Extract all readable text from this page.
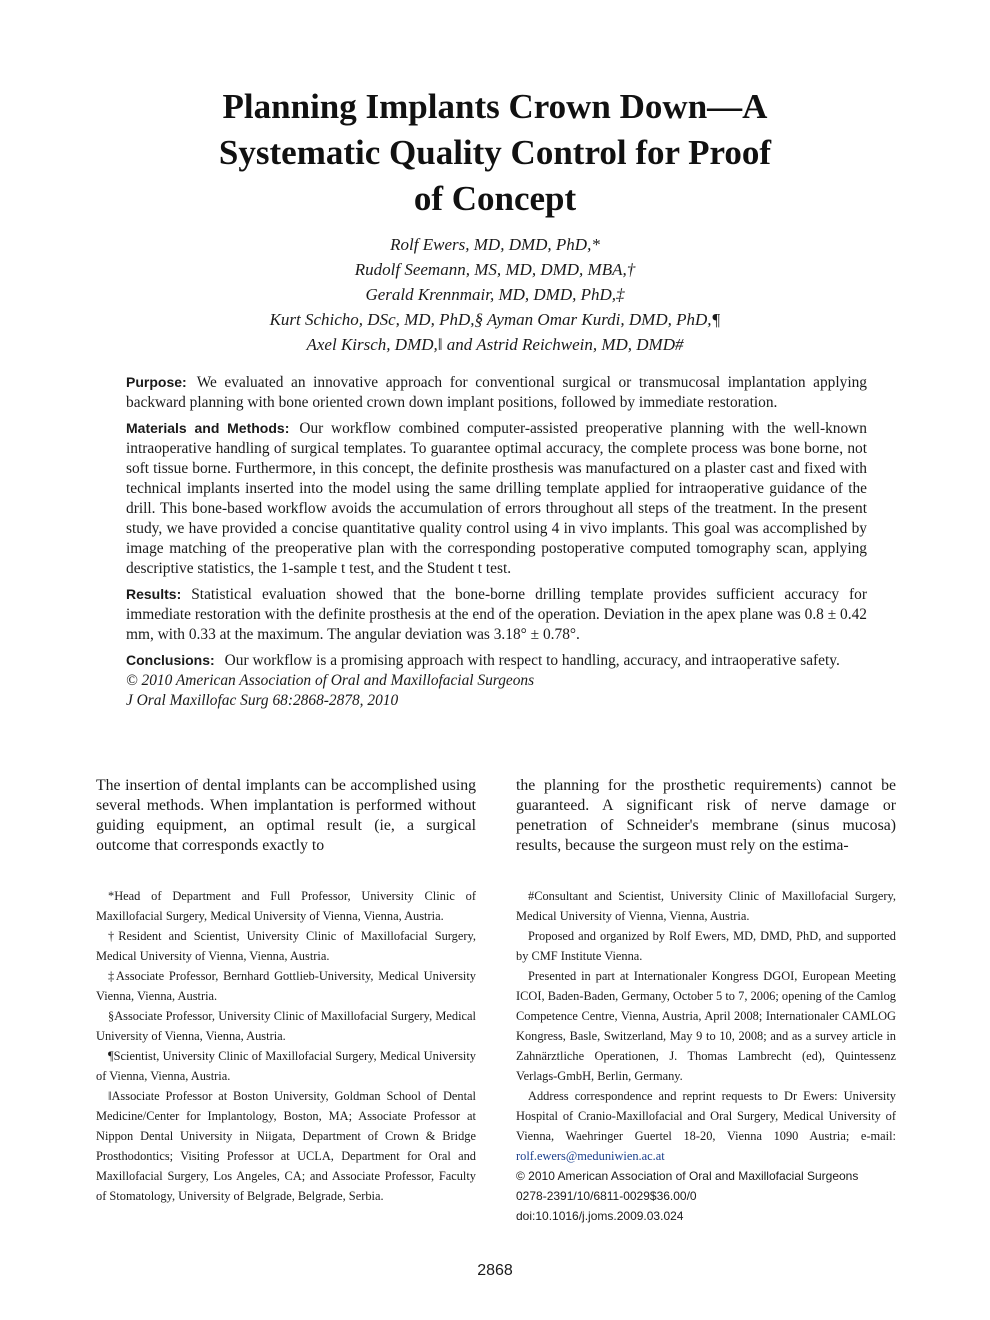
Planning Implants Crown Down—A
Systematic Quality Control for Proof
of Concept
Rolf Ewers, MD, DMD, PhD,*
Rudolf Seemann, MS, MD, DMD, MBA,†
Gerald Krennmair, MD, DMD, PhD,‡
Kurt Schicho, DSc, MD, PhD,§ Ayman Omar Kurdi, DMD, PhD,¶
Axel Kirsch, DMD,‖ and Astrid Reichwein, MD, DMD#

Purpose: We evaluated an innovative approach for conventional surgical or transmucosal implantation applying backward planning with bone oriented crown down implant positions, followed by immediate restoration.

Materials and Methods: Our workflow combined computer-assisted preoperative planning with the well-known intraoperative handling of surgical templates. To guarantee optimal accuracy, the complete process was bone borne, not soft tissue borne. Furthermore, in this concept, the definite prosthesis was manufactured on a plaster cast and fixed with technical implants inserted into the model using the same drilling template applied for intraoperative guidance of the drill. This bone-based workflow avoids the accumulation of errors throughout all steps of the treatment. In the present study, we have provided a concise quantitative quality control using 4 in vivo implants. This goal was accomplished by image matching of the preoperative plan with the corresponding postoperative computed tomography scan, applying descriptive statistics, the 1-sample t test, and the Student t test.

Results: Statistical evaluation showed that the bone-borne drilling template provides sufficient accuracy for immediate restoration with the definite prosthesis at the end of the operation. Deviation in the apex plane was 0.8 ± 0.42 mm, with 0.33 at the maximum. The angular deviation was 3.18° ± 0.78°.

Conclusions: Our workflow is a promising approach with respect to handling, accuracy, and intraoperative safety.

© 2010 American Association of Oral and Maxillofacial Surgeons
J Oral Maxillofac Surg 68:2868-2878, 2010

The insertion of dental implants can be accomplished using several methods. When implantation is performed without guiding equipment, an optimal result (ie, a surgical outcome that corresponds exactly to

the planning for the prosthetic requirements) cannot be guaranteed. A significant risk of nerve damage or penetration of Schneider's membrane (sinus mucosa) results, because the surgeon must rely on the estima-

*Head of Department and Full Professor, University Clinic of Maxillofacial Surgery, Medical University of Vienna, Vienna, Austria.

†Resident and Scientist, University Clinic of Maxillofacial Surgery, Medical University of Vienna, Vienna, Austria.

‡Associate Professor, Bernhard Gottlieb-University, Medical University Vienna, Vienna, Austria.

§Associate Professor, University Clinic of Maxillofacial Surgery, Medical University of Vienna, Vienna, Austria.

¶Scientist, University Clinic of Maxillofacial Surgery, Medical University of Vienna, Vienna, Austria.

‖Associate Professor at Boston University, Goldman School of Dental Medicine/Center for Implantology, Boston, MA; Associate Professor at Nippon Dental University in Niigata, Department of Crown & Bridge Prosthodontics; Visiting Professor at UCLA, Department for Oral and Maxillofacial Surgery, Los Angeles, CA; and Associate Professor, Faculty of Stomatology, University of Belgrade, Belgrade, Serbia.

#Consultant and Scientist, University Clinic of Maxillofacial Surgery, Medical University of Vienna, Vienna, Austria.

Proposed and organized by Rolf Ewers, MD, DMD, PhD, and supported by CMF Institute Vienna.

Presented in part at Internationaler Kongress DGOI, European Meeting ICOI, Baden-Baden, Germany, October 5 to 7, 2006; opening of the Camlog Competence Centre, Vienna, Austria, April 2008; Internationaler CAMLOG Kongress, Basle, Switzerland, May 9 to 10, 2008; and as a survey article in Zahnärztliche Operationen, J. Thomas Lambrecht (ed), Quintessenz Verlags-GmbH, Berlin, Germany.

Address correspondence and reprint requests to Dr Ewers: University Hospital of Cranio-Maxillofacial and Oral Surgery, Medical University of Vienna, Waehringer Guertel 18-20, Vienna 1090 Austria; e-mail: rolf.ewers@meduniwien.ac.at

© 2010 American Association of Oral and Maxillofacial Surgeons

0278-2391/10/6811-0029$36.00/0

doi:10.1016/j.joms.2009.03.024

2868
